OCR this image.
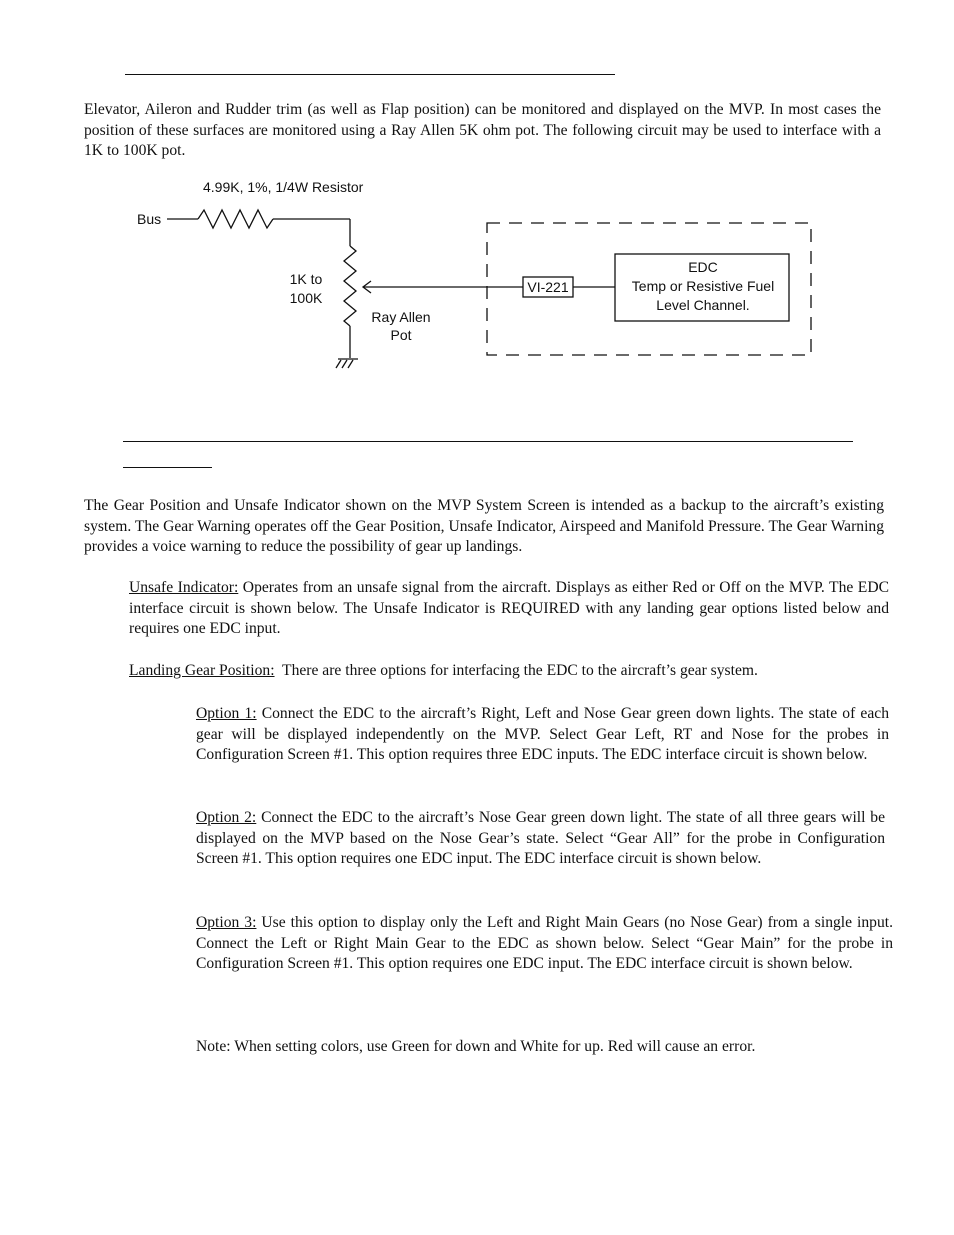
Elevator, Aileron and Rudder trim (as well as Flap position) can be monitored and displayed on the MVP. In most cases the position of these surfaces are monitored using a Ray Allen 5K ohm pot. The following circuit may be used to interface with a 1K to 100K pot.

4.99K, 1%, 1/4W Resistor
Bus
1K to
100K
Ray Allen
Pot
VI-221
EDC
Temp or Resistive Fuel
Level Channel.

The Gear Position and Unsafe Indicator shown on the MVP System Screen is intended as a backup to the aircraft’s existing system. The Gear Warning operates off the Gear Position, Unsafe Indicator, Airspeed and Manifold Pressure. The Gear Warning provides a voice warning to reduce the possibility of gear up landings.

Unsafe Indicator: Operates from an unsafe signal from the aircraft. Displays as either Red or Off on the MVP. The EDC interface circuit is shown below. The Unsafe Indicator is REQUIRED with any landing gear options listed below and requires one EDC input.

Landing Gear Position:  There are three options for interfacing the EDC to the aircraft’s gear system.

Option 1: Connect the EDC to the aircraft’s Right, Left and Nose Gear green down lights. The state of each gear will be displayed independently on the MVP. Select Gear Left, RT and Nose for the probes in Configuration Screen #1. This option requires three EDC inputs. The EDC interface circuit is shown below.

Option 2: Connect the EDC to the aircraft’s Nose Gear green down light. The state of all three gears will be displayed on the MVP based on the Nose Gear’s state. Select “Gear All” for the probe in Configuration Screen #1. This option requires one EDC input. The EDC interface circuit is shown below.

Option 3: Use this option to display only the Left and Right Main Gears (no Nose Gear) from a single input. Connect the Left or Right Main Gear to the EDC as shown below. Select “Gear Main” for the probe in Configuration Screen #1. This option requires one EDC input. The EDC interface circuit is shown below.

Note: When setting colors, use Green for down and White for up. Red will cause an error.
